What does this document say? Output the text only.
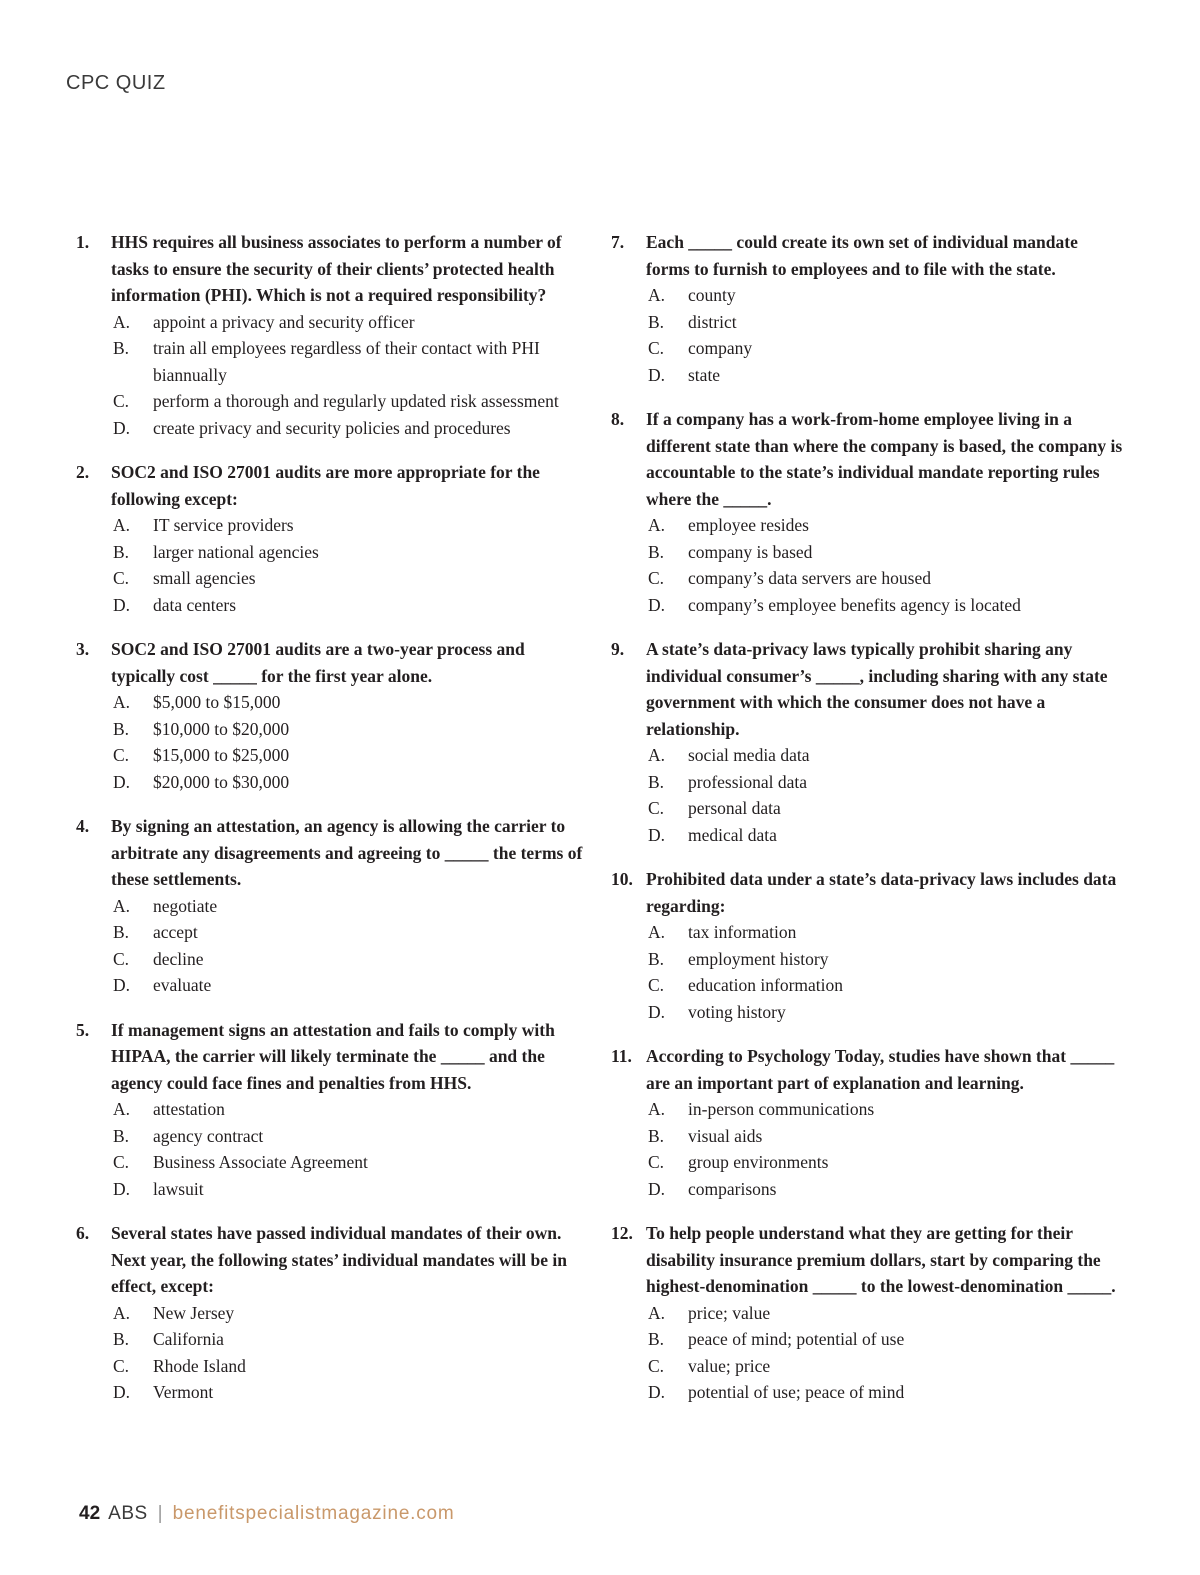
CPC QUIZ
1.	HHS requires all business associates to perform a number of tasks to ensure the security of their clients’ protected health information (PHI). Which is not a required responsibility?
A. appoint a privacy and security officer
B. train all employees regardless of their contact with PHI biannually
C. perform a thorough and regularly updated risk assessment
D. create privacy and security policies and procedures
2.	SOC2 and ISO 27001 audits are more appropriate for the following except:
A. IT service providers
B. larger national agencies
C. small agencies
D. data centers
3.	SOC2 and ISO 27001 audits are a two-year process and typically cost _____ for the first year alone.
A. $5,000 to $15,000
B. $10,000 to $20,000
C. $15,000 to $25,000
D. $20,000 to $30,000
4.	By signing an attestation, an agency is allowing the carrier to arbitrate any disagreements and agreeing to _____ the terms of these settlements.
A. negotiate
B. accept
C. decline
D. evaluate
5.	If management signs an attestation and fails to comply with HIPAA, the carrier will likely terminate the _____ and the agency could face fines and penalties from HHS.
A. attestation
B. agency contract
C. Business Associate Agreement
D. lawsuit
6.	Several states have passed individual mandates of their own. Next year, the following states’ individual mandates will be in effect, except:
A. New Jersey
B. California
C. Rhode Island
D. Vermont
7.	Each _____ could create its own set of individual mandate forms to furnish to employees and to file with the state.
A. county
B. district
C. company
D. state
8.	If a company has a work-from-home employee living in a different state than where the company is based, the company is accountable to the state’s individual mandate reporting rules where the _____.
A. employee resides
B. company is based
C. company’s data servers are housed
D. company’s employee benefits agency is located
9.	A state’s data-privacy laws typically prohibit sharing any individual consumer’s _____, including sharing with any state government with which the consumer does not have a relationship.
A. social media data
B. professional data
C. personal data
D. medical data
10. Prohibited data under a state’s data-privacy laws includes data regarding:
A. tax information
B. employment history
C. education information
D. voting history
11. According to Psychology Today, studies have shown that _____ are an important part of explanation and learning.
A. in-person communications
B. visual aids
C. group environments
D. comparisons
12. To help people understand what they are getting for their disability insurance premium dollars, start by comparing the highest-denomination _____ to the lowest-denomination _____.
A. price; value
B. peace of mind; potential of use
C. value; price
D. potential of use; peace of mind
42 ABS | benefitspecialistmagazine.com
